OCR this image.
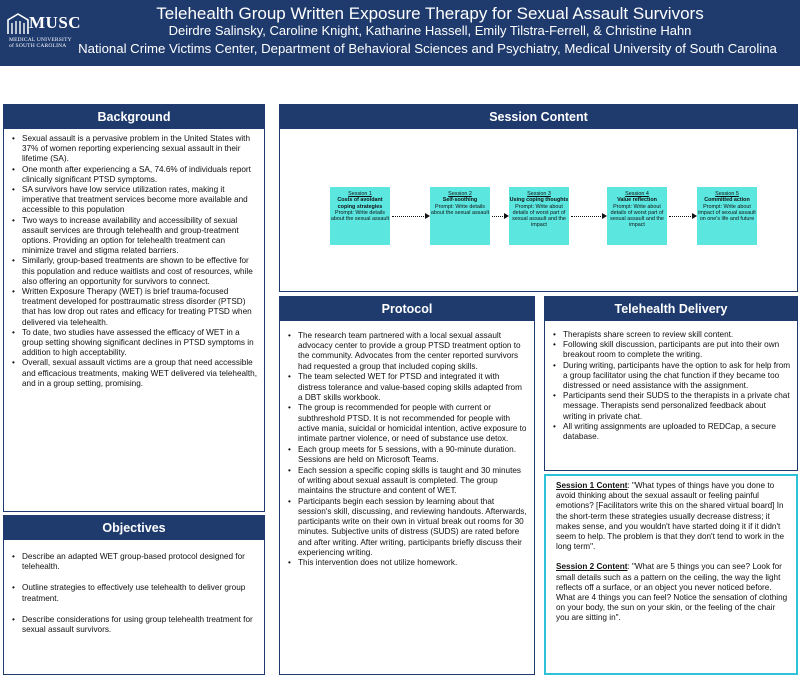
MUSC
MEDICAL UNIVERSITY
of SOUTH CAROLINA
Telehealth Group Written Exposure Therapy for Sexual Assault Survivors
Deirdre Salinsky, Caroline Knight, Katharine Hassell, Emily Tilstra-Ferrell, & Christine Hahn
National Crime Victims Center, Department of Behavioral Sciences and Psychiatry, Medical University of South Carolina
Background
• Sexual assault is a pervasive problem in the United States with 37% of women reporting experiencing sexual assault in their lifetime (SA).
• One month after experiencing a SA, 74.6% of individuals report clinically significant PTSD symptoms.
• SA survivors have low service utilization rates, making it imperative that treatment services become more available and accessible to this population
• Two ways to increase availability and accessibility of sexual assault services are through telehealth and group-treatment options. Providing an option for telehealth treatment can minimize travel and stigma related barriers.
• Similarly, group-based treatments are shown to be effective for this population and reduce waitlists and cost of resources, while also offering an opportunity for survivors to connect.
• Written Exposure Therapy (WET) is brief trauma-focused treatment developed for posttraumatic stress disorder (PTSD) that has low drop out rates and efficacy for treating PTSD when delivered via telehealth.
• To date, two studies have assessed the efficacy of WET in a group setting showing significant declines in PTSD symptoms in addition to high acceptability.
• Overall, sexual assault victims are a group that need accessible and efficacious treatments, making WET delivered via telehealth, and in a group setting, promising.
Objectives
• Describe an adapted WET group-based protocol designed for telehealth.
• Outline strategies to effectively use telehealth to deliver group treatment.
• Describe considerations for using group telehealth treatment for sexual assault survivors.
Session Content
Session 1
Costs of avoidant coping strategies
Prompt: Write details about the sexual assault
Session 2
Self-soothing
Prompt: Write details about the sexual assault
Session 3
Using coping thoughts
Prompt: Write about details of worst part of sexual assault and the impact
Session 4
Value reflection
Prompt: Write about details of worst part of sexual assault and the impact
Session 5
Committed action
Prompt: Write about impact of sexual assault on one's life and future
Protocol
• The research team partnered with a local sexual assault advocacy center to provide a group PTSD treatment option to the community. Advocates from the center reported survivors had requested a group that included coping skills.
• The team selected WET for PTSD and integrated it with distress tolerance and value-based coping skills adapted from a DBT skills workbook.
• The group is recommended for people with current or subthreshold PTSD. It is not recommended for people with active mania, suicidal or homicidal intention, active exposure to intimate partner violence, or need of substance use detox.
• Each group meets for 5 sessions, with a 90-minute duration. Sessions are held on Microsoft Teams.
• Each session a specific coping skills is taught and 30 minutes of writing about sexual assault is completed. The group maintains the structure and content of WET.
• Participants begin each session by learning about that session's skill, discussing, and reviewing handouts. Afterwards, participants write on their own in virtual break out rooms for 30 minutes. Subjective units of distress (SUDS) are rated before and after writing. After writing, participants briefly discuss their experiencing writing.
• This intervention does not utilize homework.
Telehealth Delivery
• Therapists share screen to review skill content.
• Following skill discussion, participants are put into their own breakout room to complete the writing.
• During writing, participants have the option to ask for help from a group facilitator using the chat function if they became too distressed or need assistance with the assignment.
• Participants send their SUDS to the therapists in a private chat message. Therapists send personalized feedback about writing in private chat.
• All writing assignments are uploaded to REDCap, a secure database.

Session 1 Content: "What types of things have you done to avoid thinking about the sexual assault or feeling painful emotions? [Facilitators write this on the shared virtual board] In the short-term these strategies usually decrease distress; it makes sense, and you wouldn't have started doing it if it didn't seem to help. The problem is that they don't tend to work in the long term".

Session 2 Content: "What are 5 things you can see? Look for small details such as a pattern on the ceiling, the way the light reflects off a surface, or an object you never noticed before. What are 4 things you can feel? Notice the sensation of clothing on your body, the sun on your skin, or the feeling of the chair you are sitting in".
